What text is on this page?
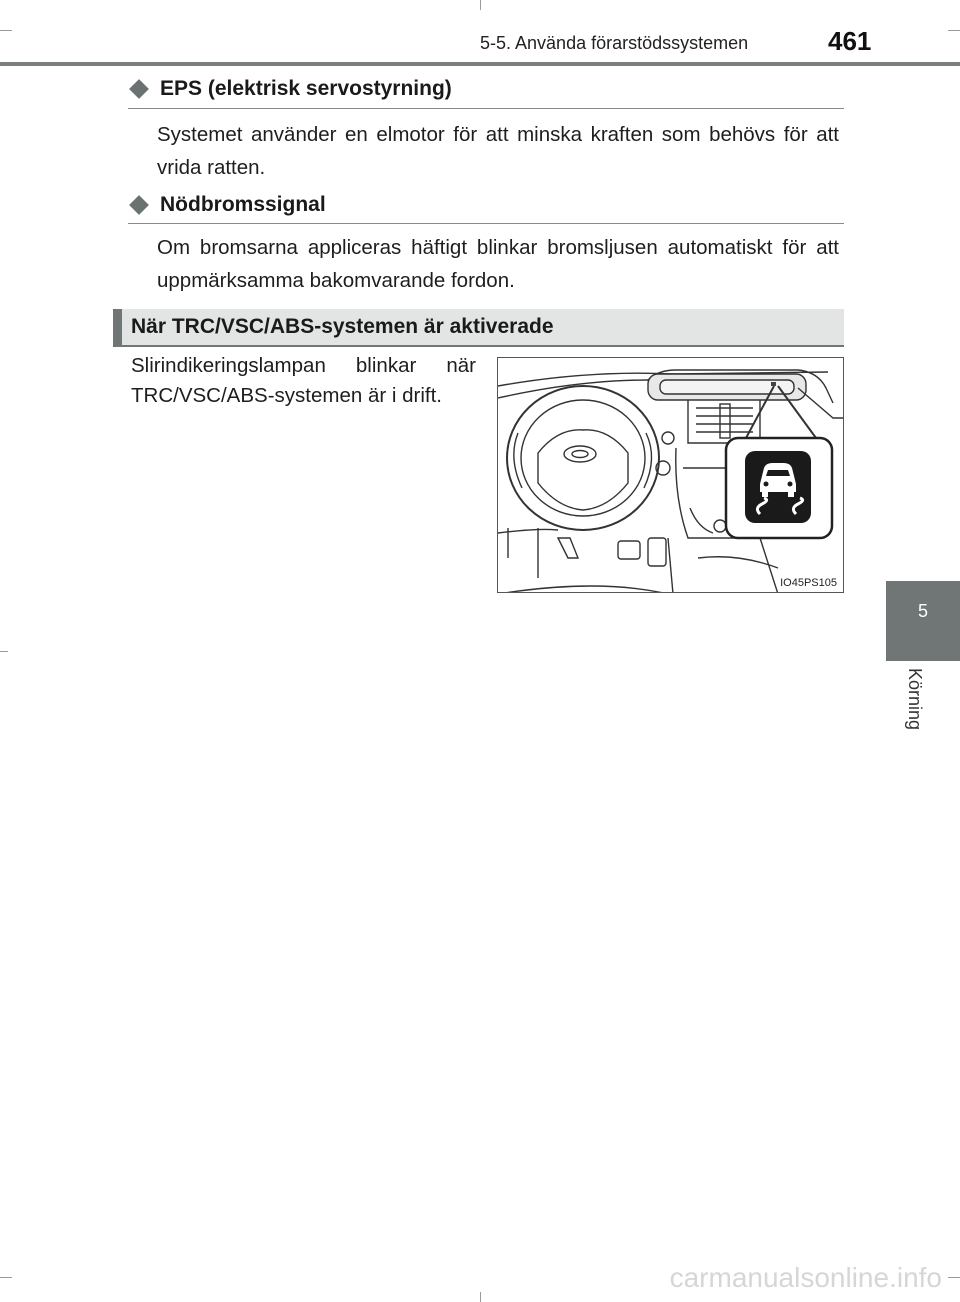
5-5. Använda förarstödssystemen	461
5
Körning
EPS (elektrisk servostyrning)
Systemet använder en elmotor för att minska kraften som behövs för att vrida ratten.
Nödbromssignal
Om bromsarna appliceras häftigt blinkar bromsljusen automatiskt för att uppmärksamma bakomvarande fordon.
När TRC/VSC/ABS-systemen är aktiverade
Slirindikeringslampan blinkar när TRC/VSC/ABS-systemen är i drift.
IO45PS105
carmanualsonline.info
